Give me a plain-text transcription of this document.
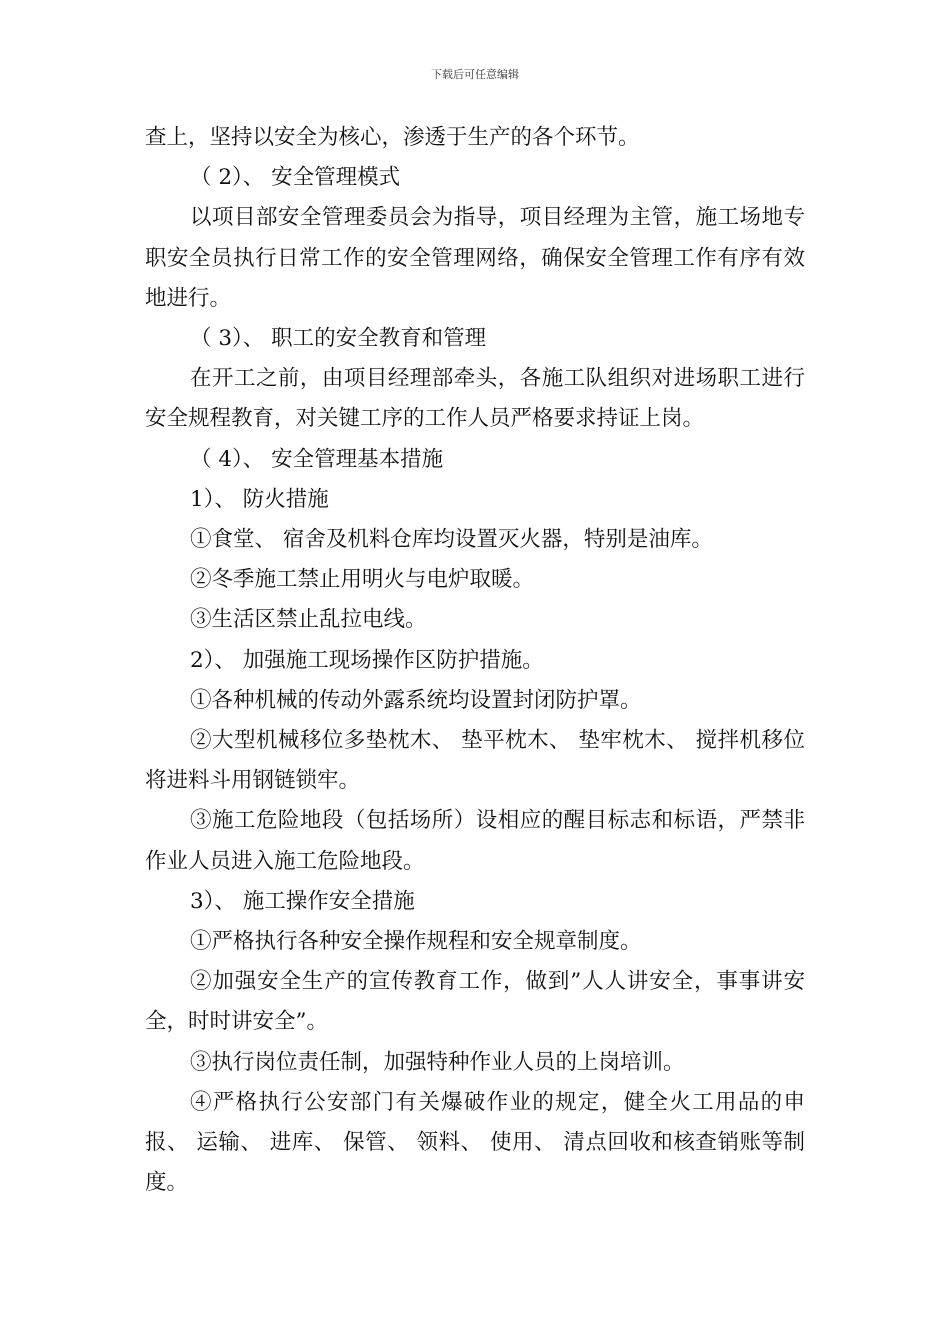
下载后可任意编辑

查上，坚持以安全为核心，渗透于生产的各个环节。

（ 2）、 安全管理模式

以项目部安全管理委员会为指导，项目经理为主管，施工场地专职安全员执行日常工作的安全管理网络，确保安全管理工作有序有效地进行。

（ 3）、 职工的安全教育和管理

在开工之前，由项目经理部牵头，各施工队组织对进场职工进行安全规程教育，对关键工序的工作人员严格要求持证上岗。

（ 4）、 安全管理基本措施

1）、 防火措施

①食堂、 宿舍及机料仓库均设置灭火器，特别是油库。

②冬季施工禁止用明火与电炉取暖。

③生活区禁止乱拉电线。

2）、 加强施工现场操作区防护措施。

①各种机械的传动外露系统均设置封闭防护罩。

②大型机械移位多垫枕木、 垫平枕木、 垫牢枕木、 搅拌机移位将进料斗用钢链锁牢。

③施工危险地段（包括场所）设相应的醒目标志和标语，严禁非作业人员进入施工危险地段。

3）、 施工操作安全措施

①严格执行各种安全操作规程和安全规章制度。

②加强安全生产的宣传教育工作，做到”人人讲安全，事事讲安全，时时讲安全”。

③执行岗位责任制，加强特种作业人员的上岗培训。

④严格执行公安部门有关爆破作业的规定，健全火工用品的申报、 运输、 进库、 保管、 领料、 使用、 清点回收和核查销账等制度。
